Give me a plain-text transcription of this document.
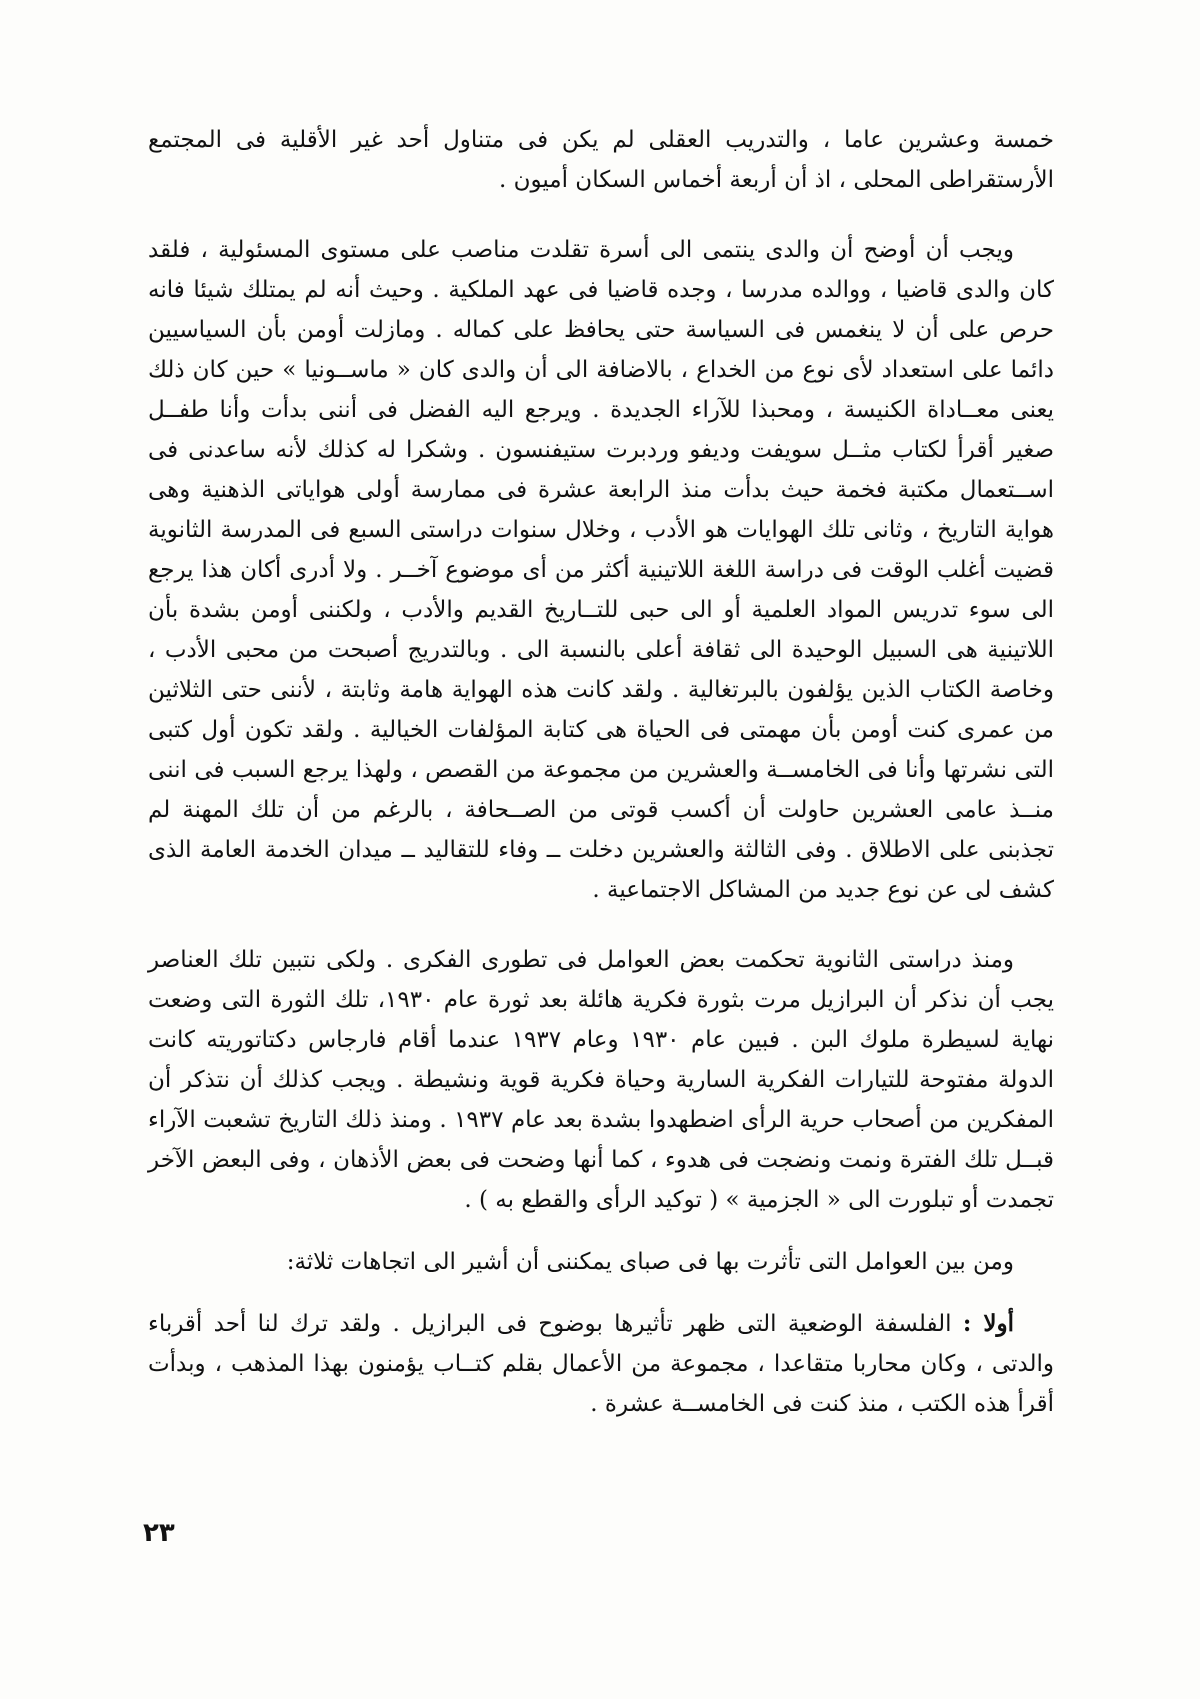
خمسة وعشرين عاما ، والتدريب العقلى لم يكن فى متناول أحد غير الأقلية فى المجتمع الأرستقراطى المحلى ، اذ أن أربعة أخماس السكان أميون .

ويجب أن أوضح أن والدى ينتمى الى أسرة تقلدت مناصب على مستوى المسئولية ، فلقد كان والدى قاضيا ، ووالده مدرسا ، وجده قاضيا فى عهد الملكية . وحيث أنه لم يمتلك شيئا فانه حرص على أن لا ينغمس فى السياسة حتى يحافظ على كماله . ومازلت أومن بأن السياسيين دائما على استعداد لأى نوع من الخداع ، بالاضافة الى أن والدى كان « ماســونيا » حين كان ذلك يعنى معــاداة الكنيسة ، ومحبذا للآراء الجديدة . ويرجع اليه الفضل فى أننى بدأت وأنا طفــل صغير أقرأ لكتاب مثــل سويفت وديفو وردبرت ستيفنسون . وشكرا له كذلك لأنه ساعدنى فى اســتعمال مكتبة فخمة حيث بدأت منذ الرابعة عشرة فى ممارسة أولى هواياتى الذهنية وهى هواية التاريخ ، وثانى تلك الهوايات هو الأدب ، وخلال سنوات دراستى السبع فى المدرسة الثانوية قضيت أغلب الوقت فى دراسة اللغة اللاتينية أكثر من أى موضوع آخــر . ولا أدرى أكان هذا يرجع الى سوء تدريس المواد العلمية أو الى حبى للتــاريخ القديم والأدب ، ولكننى أومن بشدة بأن اللاتينية هى السبيل الوحيدة الى ثقافة أعلى بالنسبة الى . وبالتدريج أصبحت من محبى الأدب ، وخاصة الكتاب الذين يؤلفون بالبرتغالية . ولقد كانت هذه الهواية هامة وثابتة ، لأننى حتى الثلاثين من عمرى كنت أومن بأن مهمتى فى الحياة هى كتابة المؤلفات الخيالية . ولقد تكون أول كتبى التى نشرتها وأنا فى الخامســة والعشرين من مجموعة من القصص ، ولهذا يرجع السبب فى اننى منــذ عامى العشرين حاولت أن أكسب قوتى من الصــحافة ، بالرغم من أن تلك المهنة لم تجذبنى على الاطلاق . وفى الثالثة والعشرين دخلت ــ وفاء للتقاليد ــ ميدان الخدمة العامة الذى كشف لى عن نوع جديد من المشاكل الاجتماعية .

ومنذ دراستى الثانوية تحكمت بعض العوامل فى تطورى الفكرى . ولكى نتبين تلك العناصر يجب أن نذكر أن البرازيل مرت بثورة فكرية هائلة بعد ثورة عام ١٩٣٠، تلك الثورة التى وضعت نهاية لسيطرة ملوك البن . فبين عام ١٩٣٠ وعام ١٩٣٧ عندما أقام فارجاس دكتاتوريته كانت الدولة مفتوحة للتيارات الفكرية السارية وحياة فكرية قوية ونشيطة . ويجب كذلك أن نتذكر أن المفكرين من أصحاب حرية الرأى اضطهدوا بشدة بعد عام ١٩٣٧ . ومنذ ذلك التاريخ تشعبت الآراء قبــل تلك الفترة ونمت ونضجت فى هدوء ، كما أنها وضحت فى بعض الأذهان ، وفى البعض الآخر تجمدت أو تبلورت الى « الجزمية » ( توكيد الرأى والقطع به ) .

ومن بين العوامل التى تأثرت بها فى صباى يمكننى أن أشير الى اتجاهات ثلاثة:

أولا : الفلسفة الوضعية التى ظهر تأثيرها بوضوح فى البرازيل . ولقد ترك لنا أحد أقرباء والدتى ، وكان محاربا متقاعدا ، مجموعة من الأعمال بقلم كتــاب يؤمنون بهذا المذهب ، وبدأت أقرأ هذه الكتب ، منذ كنت فى الخامســة عشرة .

٢٣
